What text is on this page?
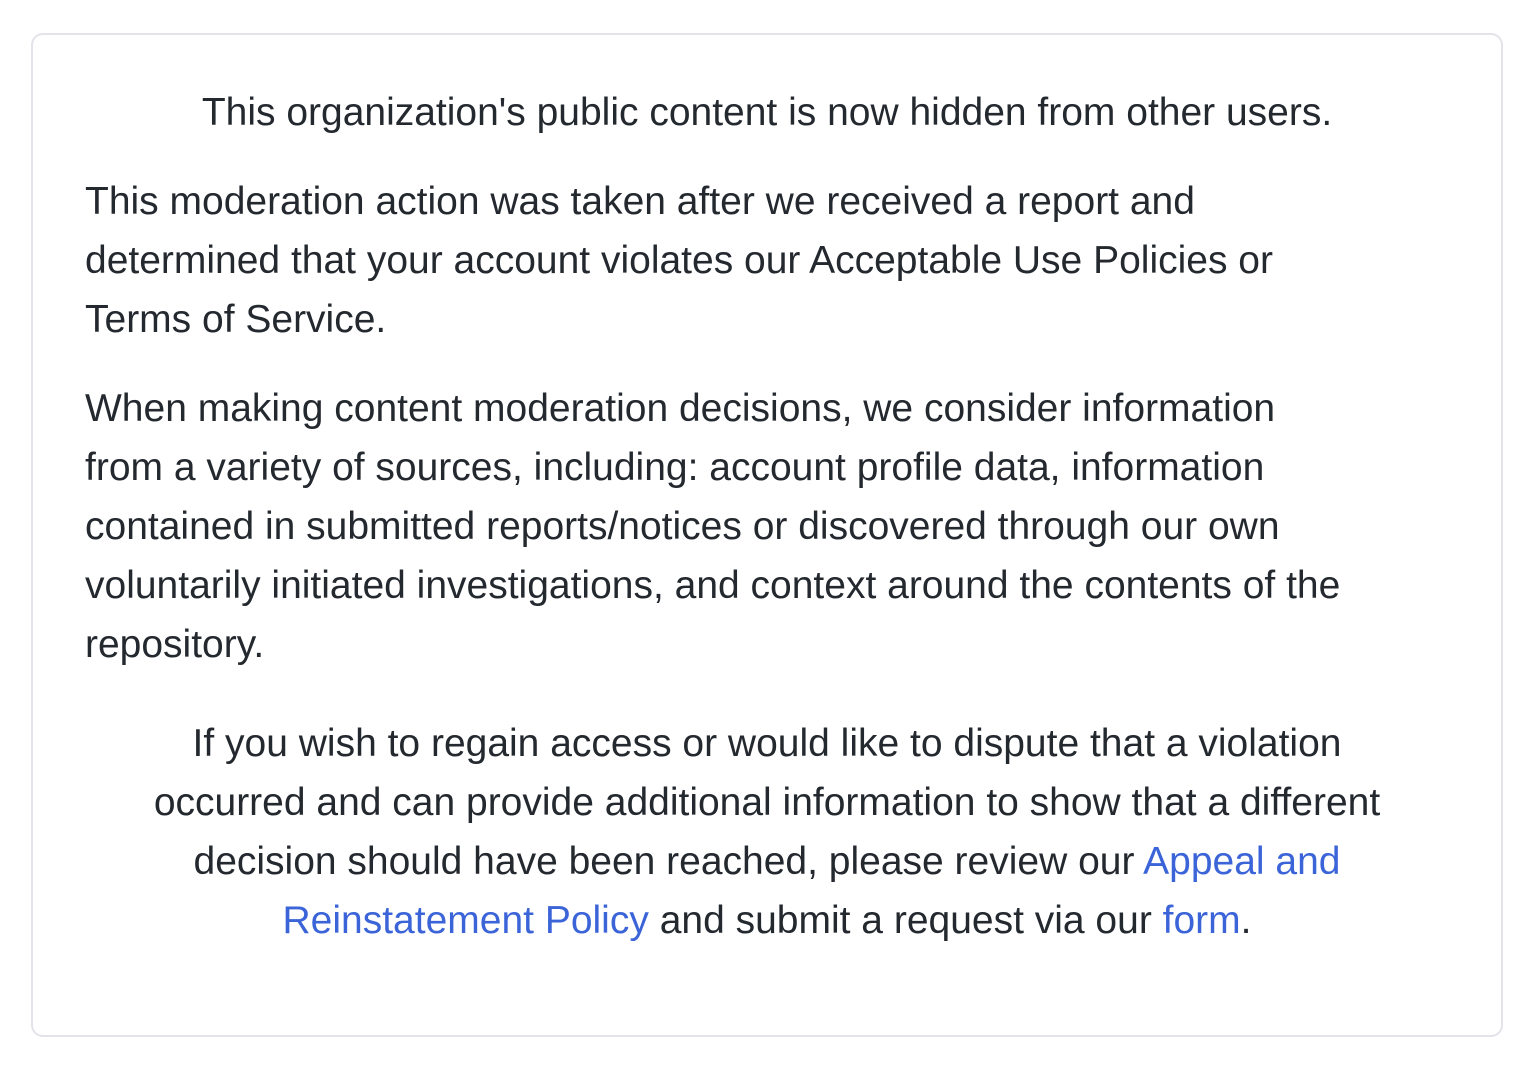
This organization's public content is now hidden from other users.

This moderation action was taken after we received a report and
determined that your account violates our Acceptable Use Policies or
Terms of Service.

When making content moderation decisions, we consider information
from a variety of sources, including: account profile data, information
contained in submitted reports/notices or discovered through our own
voluntarily initiated investigations, and context around the contents of the
repository.

If you wish to regain access or would like to dispute that a violation
occurred and can provide additional information to show that a different
decision should have been reached, please review our Appeal and
Reinstatement Policy and submit a request via our form.
